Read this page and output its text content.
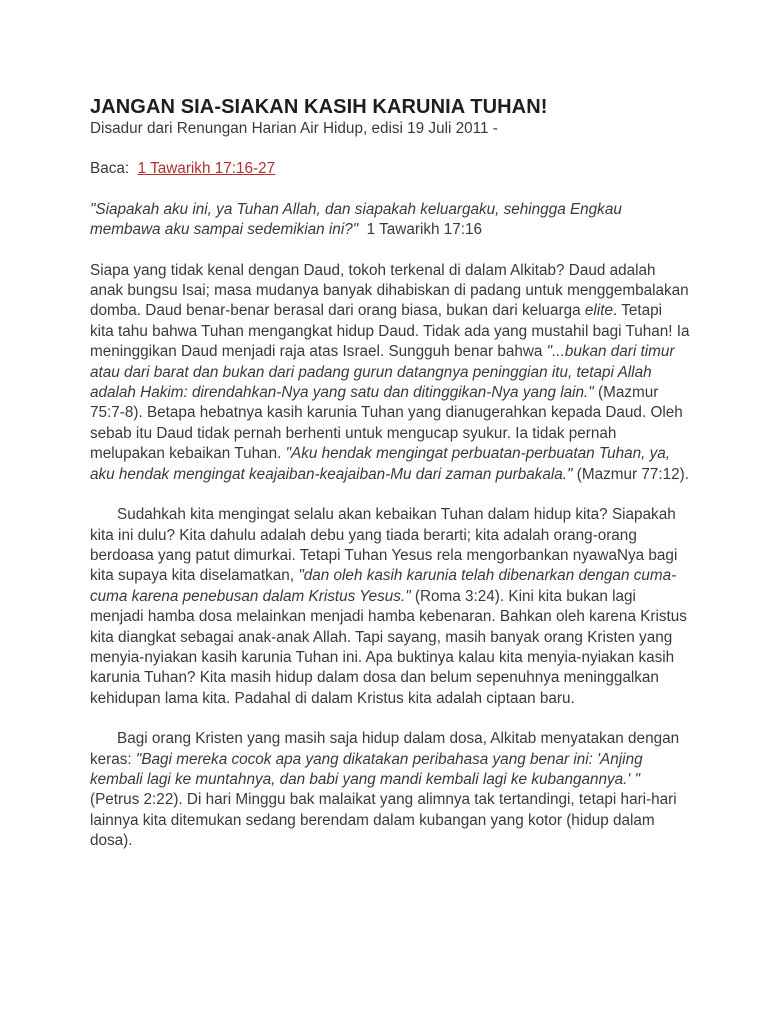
JANGAN SIA-SIAKAN KASIH KARUNIA TUHAN!
Disadur dari Renungan Harian Air Hidup, edisi 19 Juli 2011 -
Baca: 1 Tawarikh 17:16-27
"Siapakah aku ini, ya Tuhan Allah, dan siapakah keluargaku, sehingga Engkau membawa aku sampai sedemikian ini?" 1 Tawarikh 17:16

Siapa yang tidak kenal dengan Daud, tokoh terkenal di dalam Alkitab? Daud adalah anak bungsu Isai; masa mudanya banyak dihabiskan di padang untuk menggembalakan domba. Daud benar-benar berasal dari orang biasa, bukan dari keluarga elite. Tetapi kita tahu bahwa Tuhan mengangkat hidup Daud. Tidak ada yang mustahil bagi Tuhan! Ia meninggikan Daud menjadi raja atas Israel. Sungguh benar bahwa "...bukan dari timur atau dari barat dan bukan dari padang gurun datangnya peninggian itu, tetapi Allah adalah Hakim: direndahkan-Nya yang satu dan ditinggikan-Nya yang lain." (Mazmur 75:7-8). Betapa hebatnya kasih karunia Tuhan yang dianugerahkan kepada Daud. Oleh sebab itu Daud tidak pernah berhenti untuk mengucap syukur. Ia tidak pernah melupakan kebaikan Tuhan. "Aku hendak mengingat perbuatan-perbuatan Tuhan, ya, aku hendak mengingat keajaiban-keajaiban-Mu dari zaman purbakala." (Mazmur 77:12).

Sudahkah kita mengingat selalu akan kebaikan Tuhan dalam hidup kita? Siapakah kita ini dulu? Kita dahulu adalah debu yang tiada berarti; kita adalah orang-orang berdoasa yang patut dimurkai. Tetapi Tuhan Yesus rela mengorbankan nyawaNya bagi kita supaya kita diselamatkan, "dan oleh kasih karunia telah dibenarkan dengan cuma-cuma karena penebusan dalam Kristus Yesus." (Roma 3:24). Kini kita bukan lagi menjadi hamba dosa melainkan menjadi hamba kebenaran. Bahkan oleh karena Kristus kita diangkat sebagai anak-anak Allah. Tapi sayang, masih banyak orang Kristen yang menyia-nyiakan kasih karunia Tuhan ini. Apa buktinya kalau kita menyia-nyiakan kasih karunia Tuhan? Kita masih hidup dalam dosa dan belum sepenuhnya meninggalkan kehidupan lama kita. Padahal di dalam Kristus kita adalah ciptaan baru.

Bagi orang Kristen yang masih saja hidup dalam dosa, Alkitab menyatakan dengan keras: "Bagi mereka cocok apa yang dikatakan peribahasa yang benar ini: 'Anjing kembali lagi ke muntahnya, dan babi yang mandi kembali lagi ke kubangannya.' " (Petrus 2:22). Di hari Minggu bak malaikat yang alimnya tak tertandingi, tetapi hari-hari lainnya kita ditemukan sedang berendam dalam kubangan yang kotor (hidup dalam dosa).
